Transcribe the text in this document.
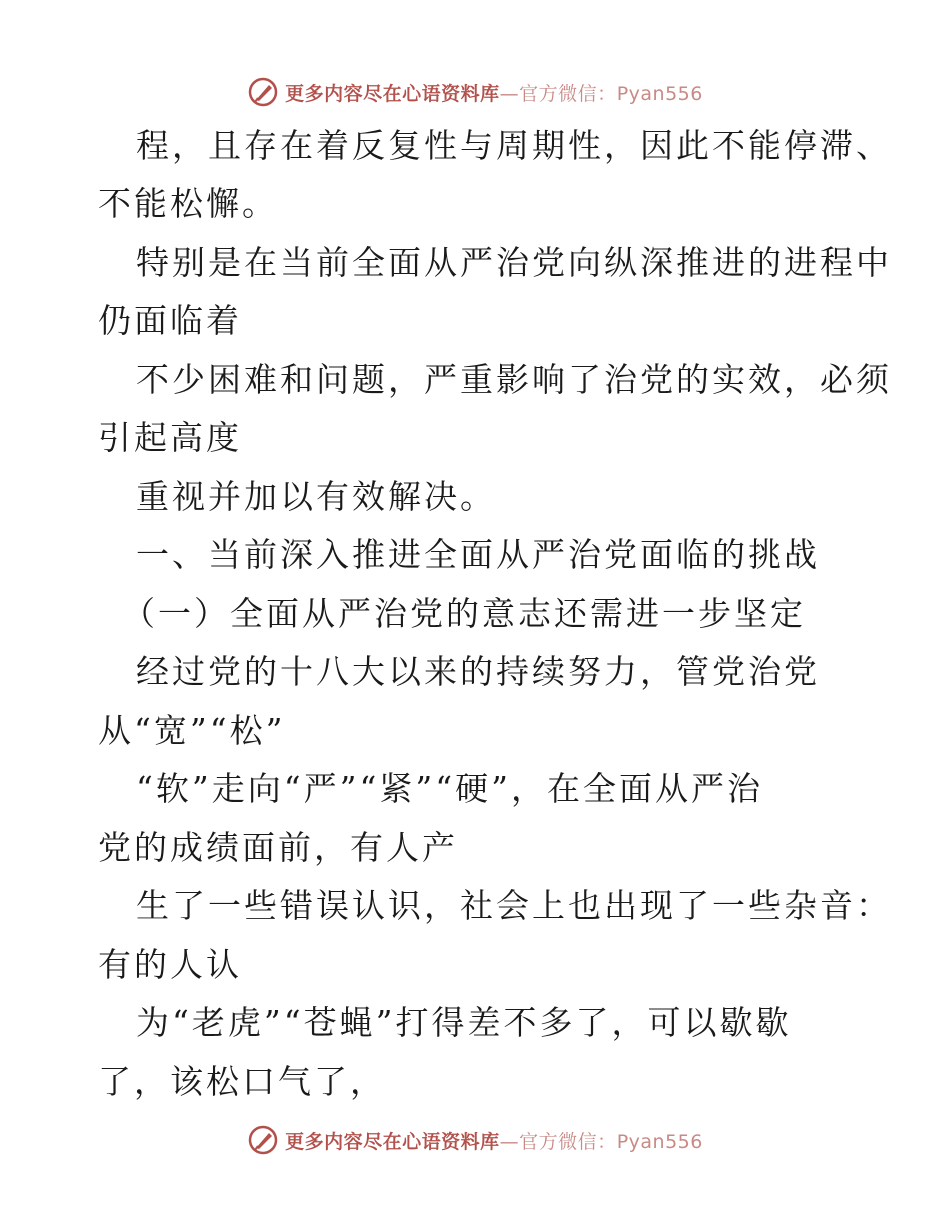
更多内容尽在心语资料库—官方微信：Pyan556
程，且存在着反复性与周期性，因此不能停滞、
不能松懈。
特别是在当前全面从严治党向纵深推进的进程中
仍面临着
不少困难和问题，严重影响了治党的实效，必须
引起高度
重视并加以有效解决。
一、当前深入推进全面从严治党面临的挑战
（一）全面从严治党的意志还需进一步坚定
经过党的十八大以来的持续努力，管党治党
从“宽”“松”
“软”走向“严”“紧”“硬”，在全面从严治
党的成绩面前，有人产
生了一些错误认识，社会上也出现了一些杂音：
有的人认
为“老虎”“苍蝇”打得差不多了，可以歇歇
了，该松口气了，
更多内容尽在心语资料库—官方微信：Pyan556
